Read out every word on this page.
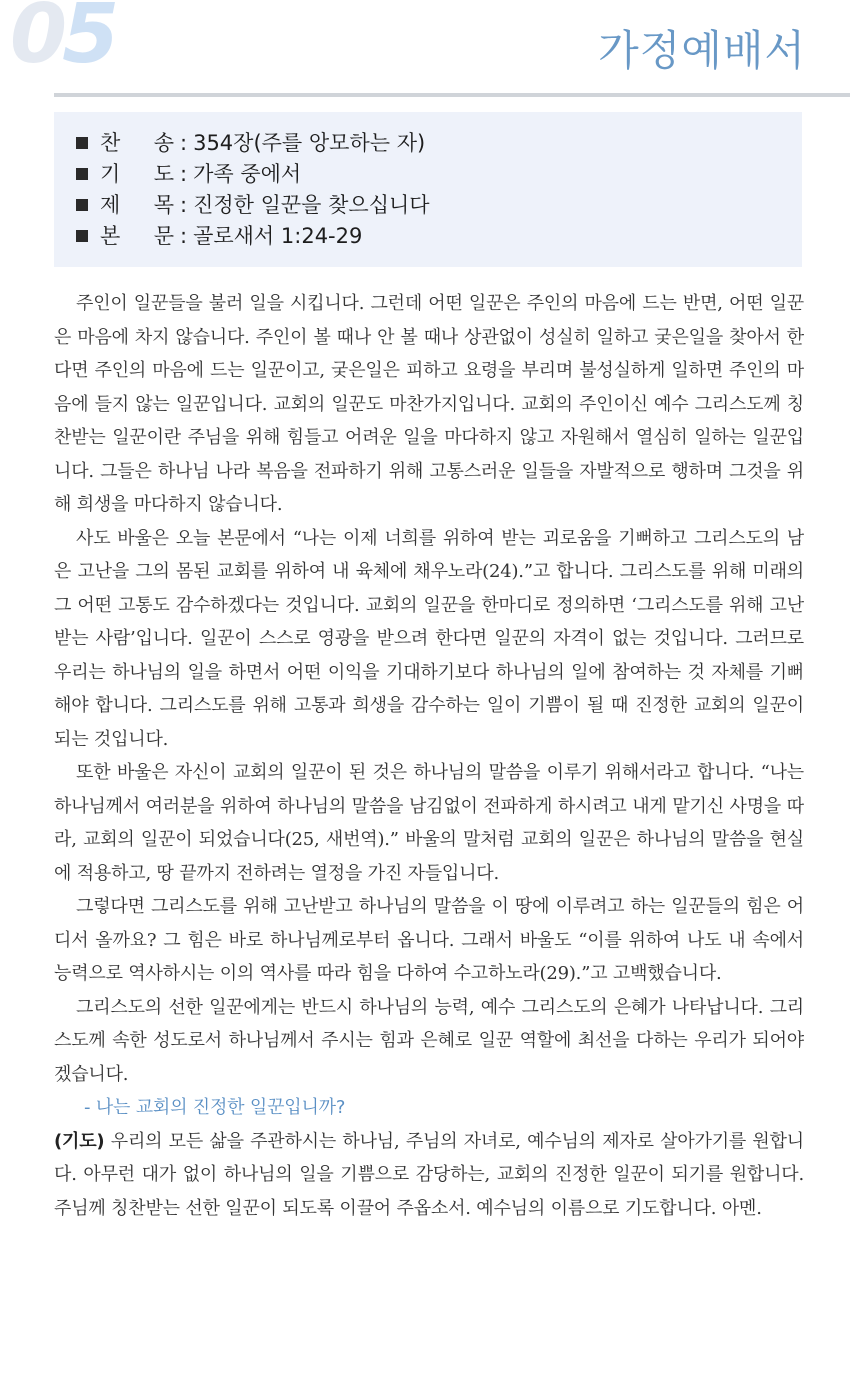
05	가정예배서
찬 송 : 354장(주를 앙모하는 자)
기 도 : 가족 중에서
제 목 : 진정한 일꾼을 찾으십니다
본 문 : 골로새서 1:24-29

주인이 일꾼들을 불러 일을 시킵니다. 그런데 어떤 일꾼은 주인의 마음에 드는 반면, 어떤 일꾼은 마음에 차지 않습니다. 주인이 볼 때나 안 볼 때나 상관없이 성실히 일하고 궂은일을 찾아서 한다면 주인의 마음에 드는 일꾼이고, 궂은일은 피하고 요령을 부리며 불성실하게 일하면 주인의 마음에 들지 않는 일꾼입니다. 교회의 일꾼도 마찬가지입니다. 교회의 주인이신 예수 그리스도께 칭찬받는 일꾼이란 주님을 위해 힘들고 어려운 일을 마다하지 않고 자원해서 열심히 일하는 일꾼입니다. 그들은 하나님 나라 복음을 전파하기 위해 고통스러운 일들을 자발적으로 행하며 그것을 위해 희생을 마다하지 않습니다.

사도 바울은 오늘 본문에서 “나는 이제 너희를 위하여 받는 괴로움을 기뻐하고 그리스도의 남은 고난을 그의 몸된 교회를 위하여 내 육체에 채우노라(24).”고 합니다. 그리스도를 위해 미래의 그 어떤 고통도 감수하겠다는 것입니다. 교회의 일꾼을 한마디로 정의하면 ‘그리스도를 위해 고난받는 사람’입니다. 일꾼이 스스로 영광을 받으려 한다면 일꾼의 자격이 없는 것입니다. 그러므로 우리는 하나님의 일을 하면서 어떤 이익을 기대하기보다 하나님의 일에 참여하는 것 자체를 기뻐해야 합니다. 그리스도를 위해 고통과 희생을 감수하는 일이 기쁨이 될 때 진정한 교회의 일꾼이 되는 것입니다.

또한 바울은 자신이 교회의 일꾼이 된 것은 하나님의 말씀을 이루기 위해서라고 합니다. “나는 하나님께서 여러분을 위하여 하나님의 말씀을 남김없이 전파하게 하시려고 내게 맡기신 사명을 따라, 교회의 일꾼이 되었습니다(25, 새번역).” 바울의 말처럼 교회의 일꾼은 하나님의 말씀을 현실에 적용하고, 땅 끝까지 전하려는 열정을 가진 자들입니다.

그렇다면 그리스도를 위해 고난받고 하나님의 말씀을 이 땅에 이루려고 하는 일꾼들의 힘은 어디서 올까요? 그 힘은 바로 하나님께로부터 옵니다. 그래서 바울도 “이를 위하여 나도 내 속에서 능력으로 역사하시는 이의 역사를 따라 힘을 다하여 수고하노라(29).”고 고백했습니다.

그리스도의 선한 일꾼에게는 반드시 하나님의 능력, 예수 그리스도의 은혜가 나타납니다. 그리스도께 속한 성도로서 하나님께서 주시는 힘과 은혜로 일꾼 역할에 최선을 다하는 우리가 되어야겠습니다.

- 나는 교회의 진정한 일꾼입니까?

(기도) 우리의 모든 삶을 주관하시는 하나님, 주님의 자녀로, 예수님의 제자로 살아가기를 원합니다. 아무런 대가 없이 하나님의 일을 기쁨으로 감당하는, 교회의 진정한 일꾼이 되기를 원합니다. 주님께 칭찬받는 선한 일꾼이 되도록 이끌어 주옵소서. 예수님의 이름으로 기도합니다. 아멘.
